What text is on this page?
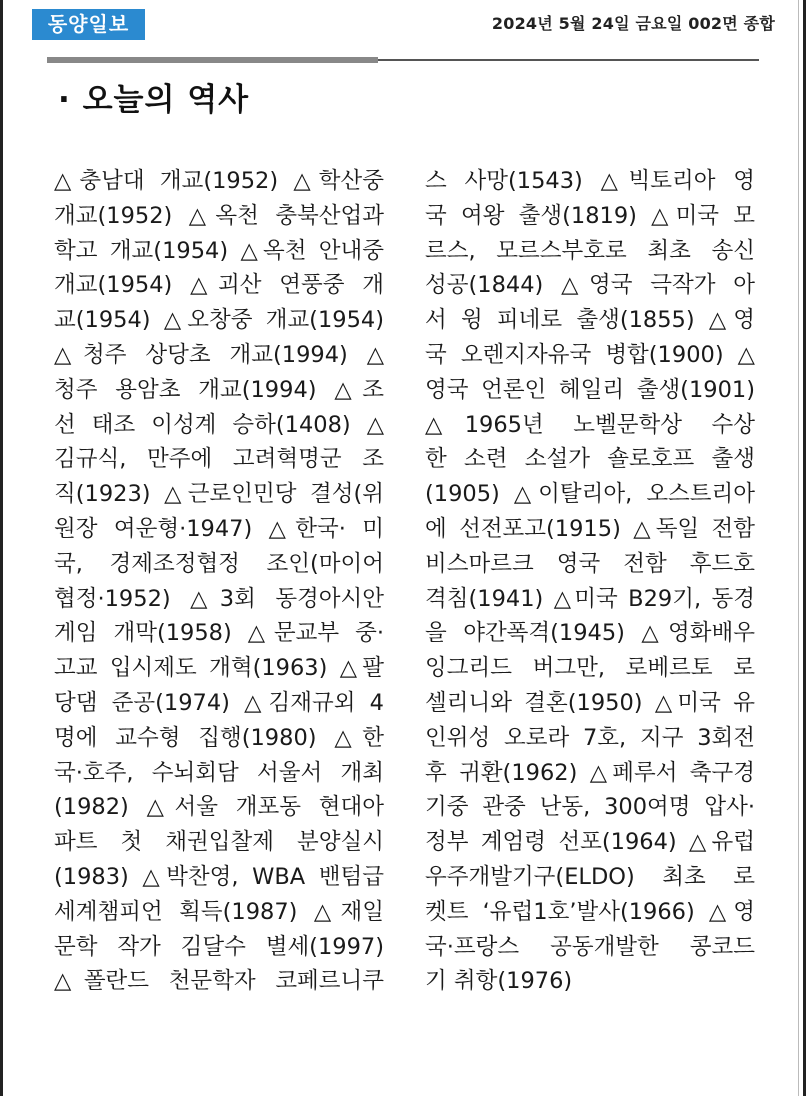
동양일보	2024년 5월 24일 금요일 002면 종합
· 오늘의 역사
△충남대 개교(1952) △학산중
개교(1952) △옥천 충북산업과
학고 개교(1954) △옥천 안내중
개교(1954) △괴산 연풍중 개
교(1954) △오창중 개교(1954)
△청주 상당초 개교(1994) △
청주 용암초 개교(1994) △조
선 태조 이성계 승하(1408) △
김규식, 만주에 고려혁명군 조
직(1923) △근로인민당 결성(위
원장 여운형·1947) △한국· 미
국, 경제조정협정 조인(마이어
협정·1952) △3회 동경아시안
게임 개막(1958) △문교부 중·
고교 입시제도 개혁(1963) △팔
당댐 준공(1974) △김재규외 4
명에 교수형 집행(1980) △한
국·호주, 수뇌회담 서울서 개최
(1982) △서울 개포동 현대아
파트 첫 채권입찰제 분양실시
(1983) △박찬영, WBA 밴텀급
세계챔피언 획득(1987) △재일
문학 작가 김달수 별세(1997)
△폴란드 천문학자 코페르니쿠
스 사망(1543) △빅토리아 영
국 여왕 출생(1819) △미국 모
르스, 모르스부호로 최초 송신
성공(1844) △영국 극작가 아
서 윙 피네로 출생(1855) △영
국 오렌지자유국 병합(1900) △
영국 언론인 헤일리 출생(1901)
△1965년 노벨문학상 수상
한 소련 소설가 숄로호프 출생
(1905) △이탈리아, 오스트리아
에 선전포고(1915) △독일 전함
비스마르크 영국 전함 후드호
격침(1941) △미국 B29기, 동경
을 야간폭격(1945) △영화배우
잉그리드 버그만, 로베르토 로
셀리니와 결혼(1950) △미국 유
인위성 오로라 7호, 지구 3회전
후 귀환(1962) △페루서 축구경
기중 관중 난동, 300여명 압사·
정부 계엄령 선포(1964) △유럽
우주개발기구(ELDO) 최초 로
켓트 ‘유럽1호’발사(1966) △영
국·프랑스 공동개발한 콩코드
기 취항(1976)
